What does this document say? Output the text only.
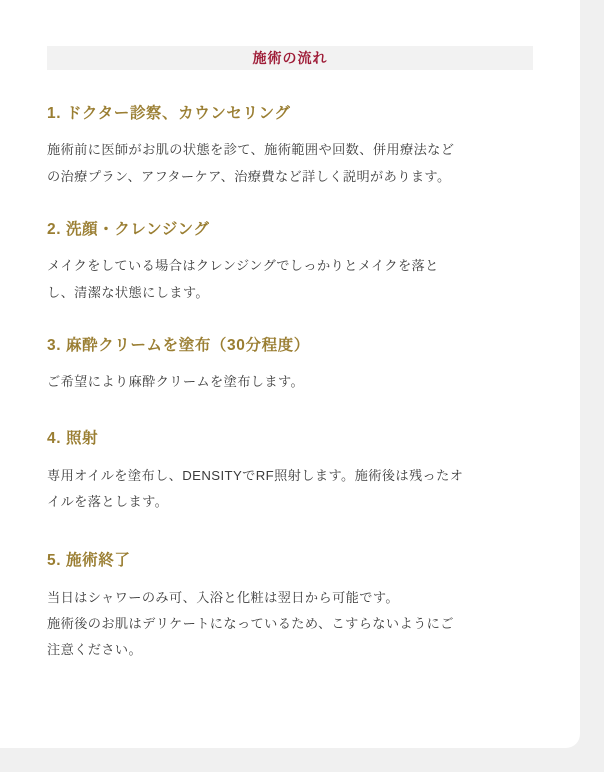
施術の流れ

1. ドクター診察、カウンセリング

施術前に医師がお肌の状態を診て、施術範囲や回数、併用療法など
の治療プラン、アフターケア、治療費など詳しく説明があります。

2. 洗顔・クレンジング

メイクをしている場合はクレンジングでしっかりとメイクを落と
し、清潔な状態にします。

3. 麻酔クリームを塗布（30分程度）

ご希望により麻酔クリームを塗布します。

4. 照射

専用オイルを塗布し、DENSITYでRF照射します。施術後は残ったオ
イルを落とします。

5. 施術終了

当日はシャワーのみ可、入浴と化粧は翌日から可能です。
施術後のお肌はデリケートになっているため、こすらないようにご
注意ください。
